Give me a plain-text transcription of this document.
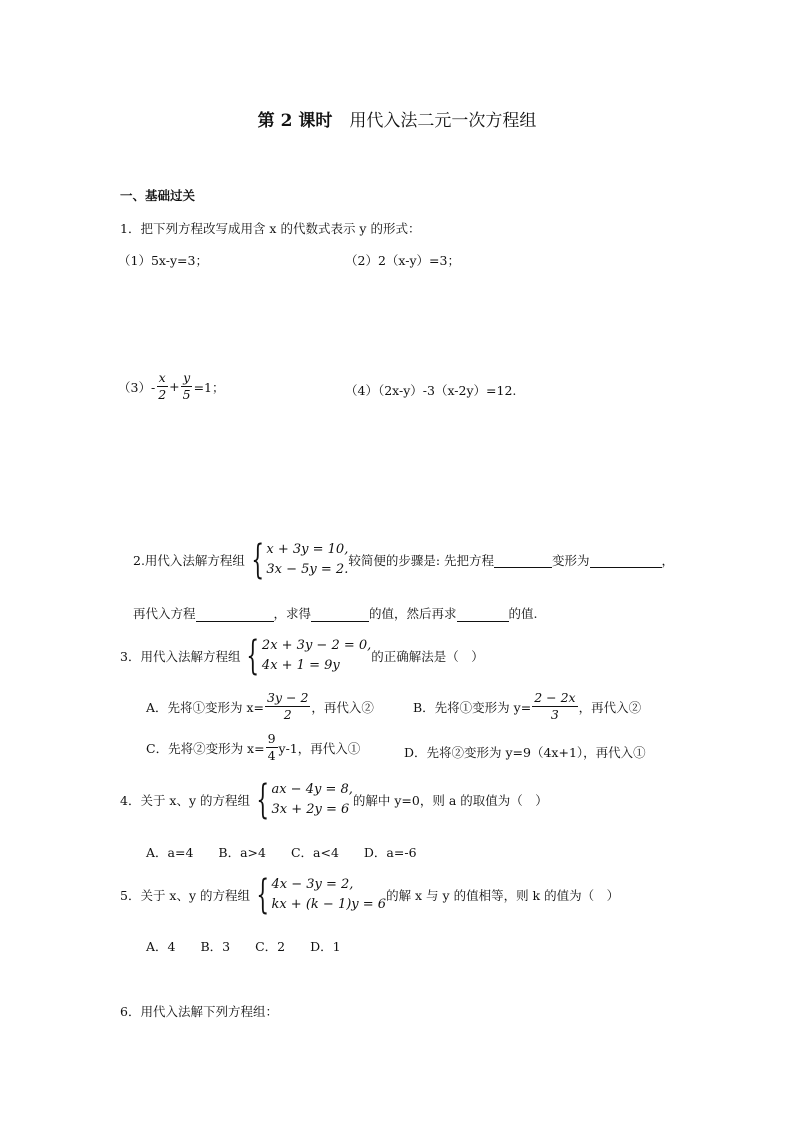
第 2 课时　 用代入法二元一次方程组
一、基础过关
1．把下列方程改写成用含 x 的代数式表示 y 的形式：
（1）5x-y=3；	（2）2（x-y）=3；
$(3)- \frac{x}{2} + \frac{y}{5} =1$；	（4）（2x-y）-3（x-2y）=12.
2.用代入法解方程组 { x + 3y = 10,
3x − 5y = 2.
较简便的步骤是: 先把方程	变形为	，
再代入方程	，求得	的值，然后再求	的值.
3．用代入法解方程组 { 2x + 3y − 2 = 0,
4x + 1 = 9y
的正确解法是（　）
A．先将①变形为 $x= \frac{3y - 2}{2}$ ，再代入②	B．先将①变形为 $y= \frac{2 - 2x}{3}$ ，再代入②
C．先将②变形为 $x= \frac{9}{4} y-1$，再代入①	D．先将②变形为 y=9（4x+1），再代入①
4．关于 x、y 的方程组 { ax − 4y = 8,
3x + 2y = 6
的解中 y=0，则 a 的取值为（　）
A．a=4　　B．a>4　　C．a<4　　D．a=-6
5．关于 x、y 的方程组 { 4x − 3y = 2,
kx + (k − 1)y = 6
的解 x 与 y 的值相等，则 k 的值为（　）
A．4　　B．3　　C．2　　D．1
6．用代入法解下列方程组：
